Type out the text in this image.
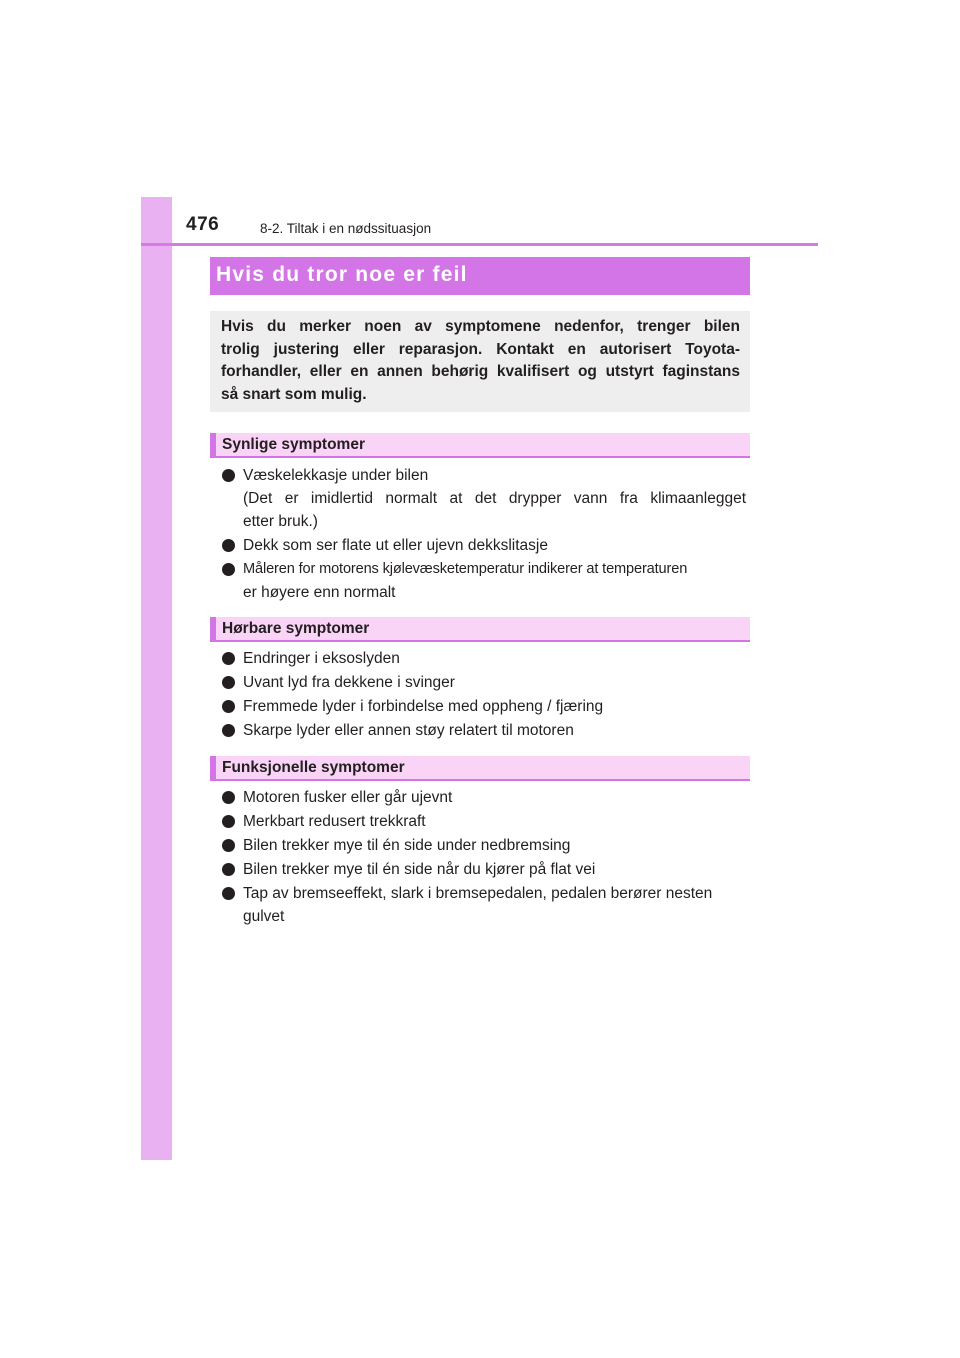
476	8-2. Tiltak i en nødssituasjon
Hvis du tror noe er feil
Hvis du merker noen av symptomene nedenfor, trenger bilen
trolig justering eller reparasjon. Kontakt en autorisert Toyota-
forhandler, eller en annen behørig kvalifisert og utstyrt faginstans
så snart som mulig.
Synlige symptomer
Væskelekkasje under bilen
(Det er imidlertid normalt at det drypper vann fra klimaanlegget
etter bruk.)
Dekk som ser flate ut eller ujevn dekkslitasje
Måleren for motorens kjølevæsketemperatur indikerer at temperaturen
er høyere enn normalt
Hørbare symptomer
Endringer i eksoslyden
Uvant lyd fra dekkene i svinger
Fremmede lyder i forbindelse med oppheng / fjæring
Skarpe lyder eller annen støy relatert til motoren
Funksjonelle symptomer
Motoren fusker eller går ujevnt
Merkbart redusert trekkraft
Bilen trekker mye til én side under nedbremsing
Bilen trekker mye til én side når du kjører på flat vei
Tap av bremseeffekt, slark i bremsepedalen, pedalen berører nesten
gulvet
